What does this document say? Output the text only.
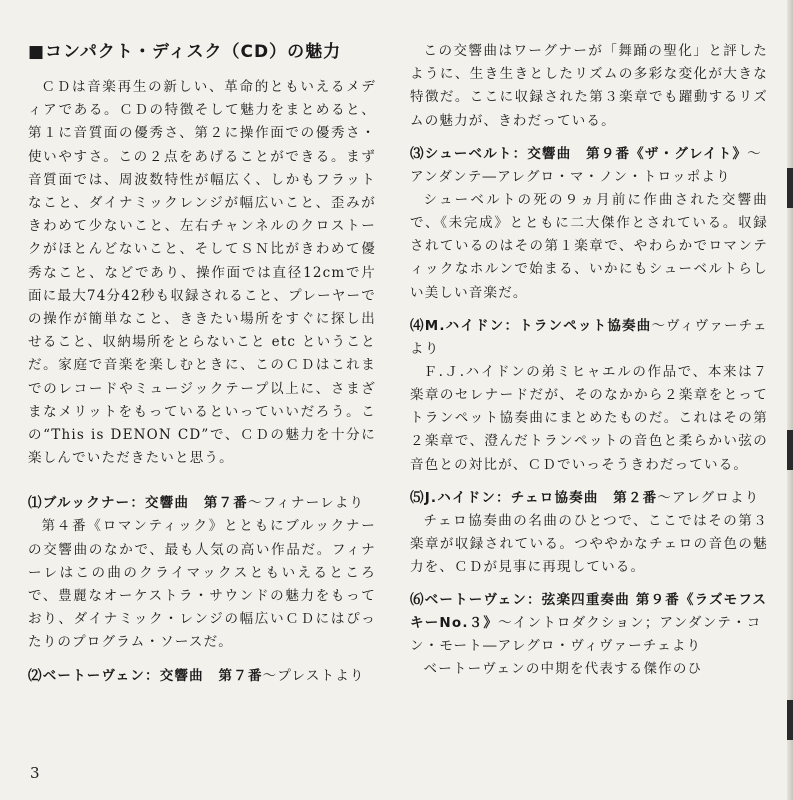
■コンパクト・ディスク（CD）の魅力

ＣＤは音楽再生の新しい、革命的ともいえるメディアである。ＣＤの特徴そして魅力をまとめると、第１に音質面の優秀さ、第２に操作面での優秀さ・使いやすさ。この２点をあげることができる。まず音質面では、周波数特性が幅広く、しかもフラットなこと、ダイナミックレンジが幅広いこと、歪みがきわめて少ないこと、左右チャンネルのクロストークがほとんどないこと、そしてＳＮ比がきわめて優秀なこと、などであり、操作面では直径12cmで片面に最大74分42秒も収録されること、プレーヤーでの操作が簡単なこと、ききたい場所をすぐに探し出せること、収納場所をとらないこと etc ということだ。家庭で音楽を楽しむときに、このＣＤはこれまでのレコードやミュージックテープ以上に、さまざまなメリットをもっているといっていいだろう。この“This is DENON CD”で、ＣＤの魅力を十分に楽しんでいただきたいと思う。

⑴ブルックナー：交響曲　第７番～フィナーレより

第４番《ロマンティック》とともにブルックナーの交響曲のなかで、最も人気の高い作品だ。フィナーレはこの曲のクライマックスともいえるところで、豊麗なオーケストラ・サウンドの魅力をもっており、ダイナミック・レンジの幅広いＣＤにはぴったりのプログラム・ソースだ。

⑵ベートーヴェン：交響曲　第７番～プレストより

この交響曲はワーグナーが「舞踊の聖化」と評したように、生き生きとしたリズムの多彩な変化が大きな特徴だ。ここに収録された第３楽章でも躍動するリズムの魅力が、きわだっている。

⑶シューベルト：交響曲　第９番《ザ・グレイト》～アンダンテ―アレグロ・マ・ノン・トロッポより

シューベルトの死の９ヵ月前に作曲された交響曲で、《未完成》とともに二大傑作とされている。収録されているのはその第１楽章で、やわらかでロマンティックなホルンで始まる、いかにもシューベルトらしい美しい音楽だ。

⑷M.ハイドン：トランペット協奏曲～ヴィヴァーチェより

Ｆ.Ｊ.ハイドンの弟ミヒャエルの作品で、本来は７楽章のセレナードだが、そのなかから２楽章をとってトランペット協奏曲にまとめたものだ。これはその第２楽章で、澄んだトランペットの音色と柔らかい弦の音色との対比が、ＣＤでいっそうきわだっている。

⑸J.ハイドン：チェロ協奏曲　第２番～アレグロより

チェロ協奏曲の名曲のひとつで、ここではその第３楽章が収録されている。つややかなチェロの音色の魅力を、ＣＤが見事に再現している。

⑹ベートーヴェン：弦楽四重奏曲 第９番《ラズモフスキーNo.３》～イントロダクション；アンダンテ・コン・モート―アレグロ・ヴィヴァーチェより

ベートーヴェンの中期を代表する傑作のひ

3
